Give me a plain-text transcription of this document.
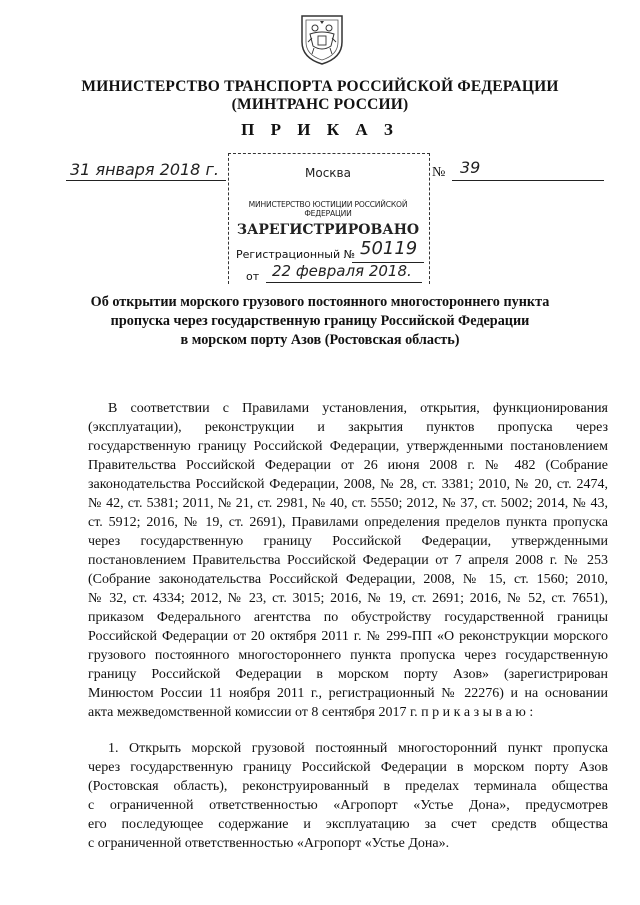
МИНИСТЕРСТВО ТРАНСПОРТА РОССИЙСКОЙ ФЕДЕРАЦИИ
(МИНТРАНС РОССИИ)
П Р И К А З
31 января 2018 г.	№ 39
Москва
МИНИСТЕРСТВО ЮСТИЦИИ РОССИЙСКОЙ ФЕДЕРАЦИИ
ЗАРЕГИСТРИРОВАНО
Регистрационный № 50119
от 22 февраля 2018.
Об открытии морского грузового постоянного многостороннего пункта
пропуска через государственную границу Российской Федерации
в морском порту Азов (Ростовская область)
В соответствии с Правилами установления, открытия, функционирования
(эксплуатации), реконструкции и закрытия пунктов пропуска через
государственную границу Российской Федерации, утвержденными постановлением
Правительства Российской Федерации от 26 июня 2008 г. № 482 (Собрание
законодательства Российской Федерации, 2008, № 28, ст. 3381; 2010, № 20, ст. 2474,
№ 42, ст. 5381; 2011, № 21, ст. 2981, № 40, ст. 5550; 2012, № 37, ст. 5002; 2014, № 43,
ст. 5912; 2016, № 19, ст. 2691), Правилами определения пределов пункта пропуска
через государственную границу Российской Федерации, утвержденными
постановлением Правительства Российской Федерации от 7 апреля 2008 г. № 253
(Собрание законодательства Российской Федерации, 2008, № 15, ст. 1560; 2010,
№ 32, ст. 4334; 2012, № 23, ст. 3015; 2016, № 19, ст. 2691; 2016, № 52, ст. 7651),
приказом Федерального агентства по обустройству государственной границы
Российской Федерации от 20 октября 2011 г. № 299-ПП «О реконструкции морского
грузового постоянного многостороннего пункта пропуска через государственную
границу Российской Федерации в морском порту Азов» (зарегистрирован
Минюстом России 11 ноября 2011 г., регистрационный № 22276) и на основании
акта межведомственной комиссии от 8 сентября 2017 г. п р и к а з ы в а ю :
1. Открыть морской грузовой постоянный многосторонний пункт пропуска
через государственную границу Российской Федерации в морском порту Азов
(Ростовская область), реконструированный в пределах терминала общества
с ограниченной ответственностью «Агропорт «Устье Дона», предусмотрев
его последующее содержание и эксплуатацию за счет средств общества
с ограниченной ответственностью «Агропорт «Устье Дона».
